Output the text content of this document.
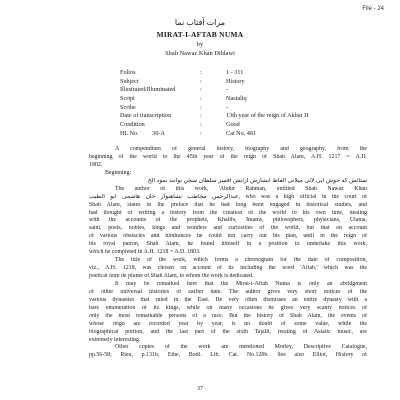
File - 24
مرات آفتاب نما
MIRAT-I-AFTAB NUMA
by
Shah Nawaz Khan Dihlawi
Folios	:	1 - 311
Subject	:	History
Illustrated/Illuminated	:	-
Script	:	Nastaliq
Scribe	:	-
Date of transcription	:	13th year of the reign of Akbar II
Condition	:	Good
HL No. 30-A	:	Cat No. 481
A compendium of general history, biography and geography, from the
beginning of the world to the 45th year of the reign of Shah Alam, A.H. 1217 = A.D.
1802.
Beginning:
ستائش كه حوش ابى لائى ميلانى الفاظ ايشارش آرايش افسر سلطان سخن توانند نمود الخ
The author of this work, 'Abdur Rahman, entitled Shah Nawaz Khan
عبدالرحمن مخاطب بشاهنواز خان هاشمى ابو الطيب, who was a high official in the court of
Shah Alam, states in the preface that he had long been engaged in historical studies, and
had thought of writing a history from the creation of the world to his own time, dealing
with the accounts of the prophets, Khalifs, Imams, philosophers, physicians, Ulama,
saint, poets, nobles, kings and wonders and curiosities of the world, but that on account
of various obstacles and hindrances he could not carry out his plan, until in the reign of
his royal patron, Shah Alam, he found himself in a position to undertake this work,
which he completed in A.H. 1218 = A.D. 1803.
The title of the work, which forms a chronogram for the date of composition,
viz., A.H. 1218, was chosen on account of its including the word 'Aftab,' which was the
poetical nom de plume of Shah Alam, to whom the work is dedicated.
It may be remarked here that the Mirat-i-Aftab Numa is only an abridgment
of other universal histories of earlier date. The author gives very short notices of the
various dynasties that ruled in the East. He very often dismisses an entire dynasty with a
bare enumeration of its kings, while on many occasions he gives very scanty notices of
only the most remarkable persons of a race. But the history of Shah Alam, the events of
whose reign are recorded year by year, is no doubt of some value, while the
biographical portion, and the last part of the sixth Tajalli, treating of Asiatic music, are
extremely interesting.
Other copies of the work are mentioned Morley, Descriptive Catalogue,
pp.56-58; Rieu, p.131b, Ethe, Bodl. Lib. Cat. No.120b. See also Elliot, History of
37
